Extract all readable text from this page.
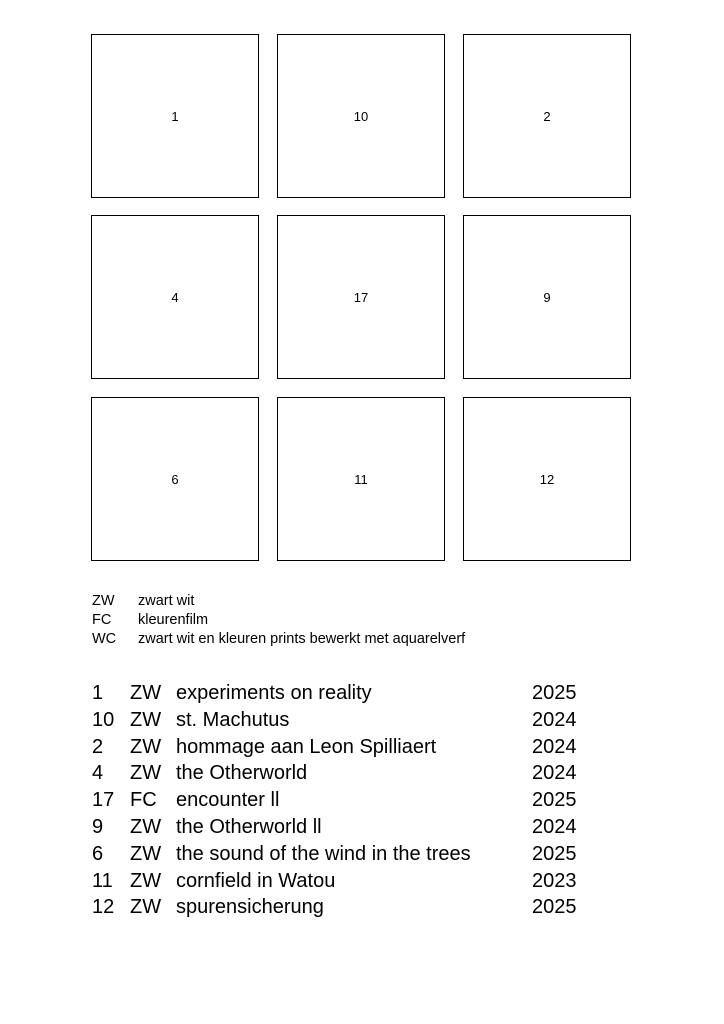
1	10	2
4	17	9
6	11	12
ZW	zwart wit
FC	kleurenfilm
WC	zwart wit en kleuren prints bewerkt met aquarelverf
1	ZW experiments on reality	2025
10 ZW st. Machutus	2024
2	ZW hommage aan Leon Spilliaert	2024
4	ZW the Otherworld	2024
17 FC encounter ll	2025
9	ZW the Otherworld ll	2024
6	ZW the sound of the wind in the trees	2025
11 ZW cornfield in Watou	2023
12 ZW spurensicherung	2025
